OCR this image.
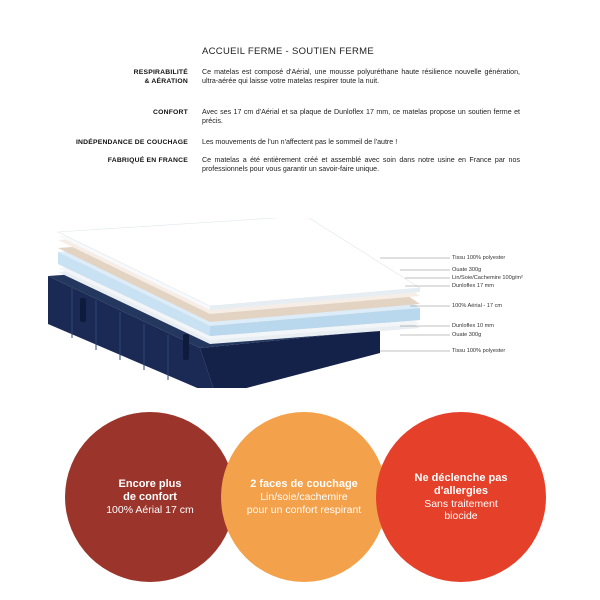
ACCUEIL FERME - SOUTIEN FERME
RESPIRABILITÉ
& AÉRATION
Ce matelas est composé d'Aérial, une mousse polyuréthane haute résilience nouvelle génération, ultra-aérée qui laisse votre matelas respirer toute la nuit.
CONFORT Avec ses 17 cm d'Aérial et sa plaque de Dunloflex 17 mm, ce matelas propose un soutien ferme et précis.
INDÉPENDANCE DE COUCHAGE Les mouvements de l'un n'affectent pas le sommeil de l'autre !
FABRIQUÉ EN FRANCE Ce matelas a été entièrement créé et assemblé avec soin dans notre usine en France par nos professionnels pour vous garantir un savoir-faire unique.
Tissu 100% polyester
Ouate 300g
Lin/Soie/Cachemire 100g/m²
Dunloflex 17 mm
100% Aérial - 17 cm
Dunloflex 10 mm
Ouate 300g
Tissu 100% polyester
Encore plus
de confort
100% Aérial 17 cm
2 faces de couchage
Lin/soie/cachemire
pour un confort respirant
Ne déclenche pas
d'allergies
Sans traitement
biocide
